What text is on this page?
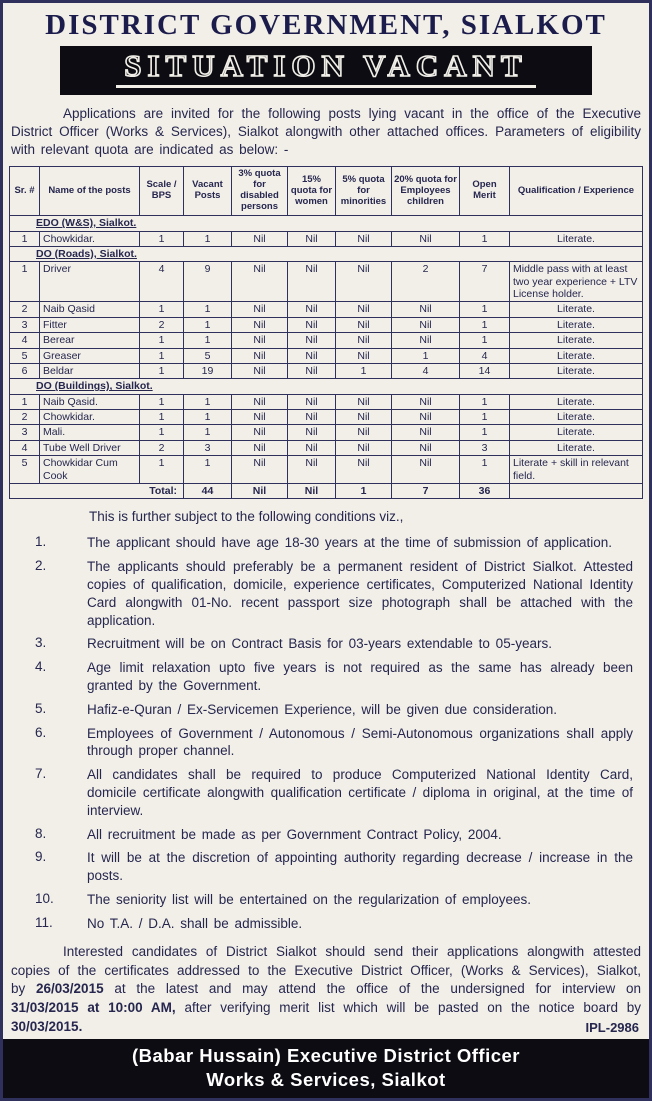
DISTRICT GOVERNMENT, SIALKOT
SITUATION VACANT

Applications are invited for the following posts lying vacant in the office of the Executive District Officer (Works & Services), Sialkot alongwith other attached offices. Parameters of eligibility with relevant quota are indicated as below: -

Sr. #	Name of the posts	Scale / BPS	Vacant Posts	3% quota for disabled persons	15% quota for women	5% quota for minorities	20% quota for Employees children	Open Merit	Qualification / Experience
EDO (W&S), Sialkot.									
1	Chowkidar.	1	1	Nil	Nil	Nil	Nil	1	Literate.
DO (Roads), Sialkot.									
1	Driver	4	9	Nil	Nil	Nil	2	7	Middle pass with at least two year experience + LTV License holder.
2	Naib Qasid	1	1	Nil	Nil	Nil	Nil	1	Literate.
3	Fitter	2	1	Nil	Nil	Nil	Nil	1	Literate.
4	Berear	1	1	Nil	Nil	Nil	Nil	1	Literate.
5	Greaser	1	5	Nil	Nil	Nil	1	4	Literate.
6	Beldar	1	19	Nil	Nil	1	4	14	Literate.
DO (Buildings), Sialkot.									
1	Naib Qasid.	1	1	Nil	Nil	Nil	Nil	1	Literate.
2	Chowkidar.	1	1	Nil	Nil	Nil	Nil	1	Literate.
3	Mali.	1	1	Nil	Nil	Nil	Nil	1	Literate.
4	Tube Well Driver	2	3	Nil	Nil	Nil	Nil	3	Literate.
5	Chowkidar Cum Cook	1	1	Nil	Nil	Nil	Nil	1	Literate + skill in relevant field.
Total:			44	Nil	Nil	1	7	36	

This is further subject to the following conditions viz.,

1.	The applicant should have age 18-30 years at the time of submission of application.
2.	The applicants should preferably be a permanent resident of District Sialkot. Attested copies of qualification, domicile, experience certificates, Computerized National Identity Card alongwith 01-No. recent passport size photograph shall be attached with the application.
3.	Recruitment will be on Contract Basis for 03-years extendable to 05-years.
4.	Age limit relaxation upto five years is not required as the same has already been granted by the Government.
5.	Hafiz-e-Quran / Ex-Servicemen Experience, will be given due consideration.
6.	Employees of Government / Autonomous / Semi-Autonomous organizations shall apply through proper channel.
7.	All candidates shall be required to produce Computerized National Identity Card, domicile certificate alongwith qualification certificate / diploma in original, at the time of interview.
8.	All recruitment be made as per Government Contract Policy, 2004.
9.	It will be at the discretion of appointing authority regarding decrease / increase in the posts.
10.	The seniority list will be entertained on the regularization of employees.
11.	No T.A. / D.A. shall be admissible.

Interested candidates of District Sialkot should send their applications alongwith attested copies of the certificates addressed to the Executive District Officer, (Works & Services), Sialkot, by 26/03/2015 at the latest and may attend the office of the undersigned for interview on 31/03/2015 at 10:00 AM, after verifying merit list which will be pasted on the notice board by 30/03/2015.	IPL-2986
(Babar Hussain) Executive District Officer
Works & Services, Sialkot
